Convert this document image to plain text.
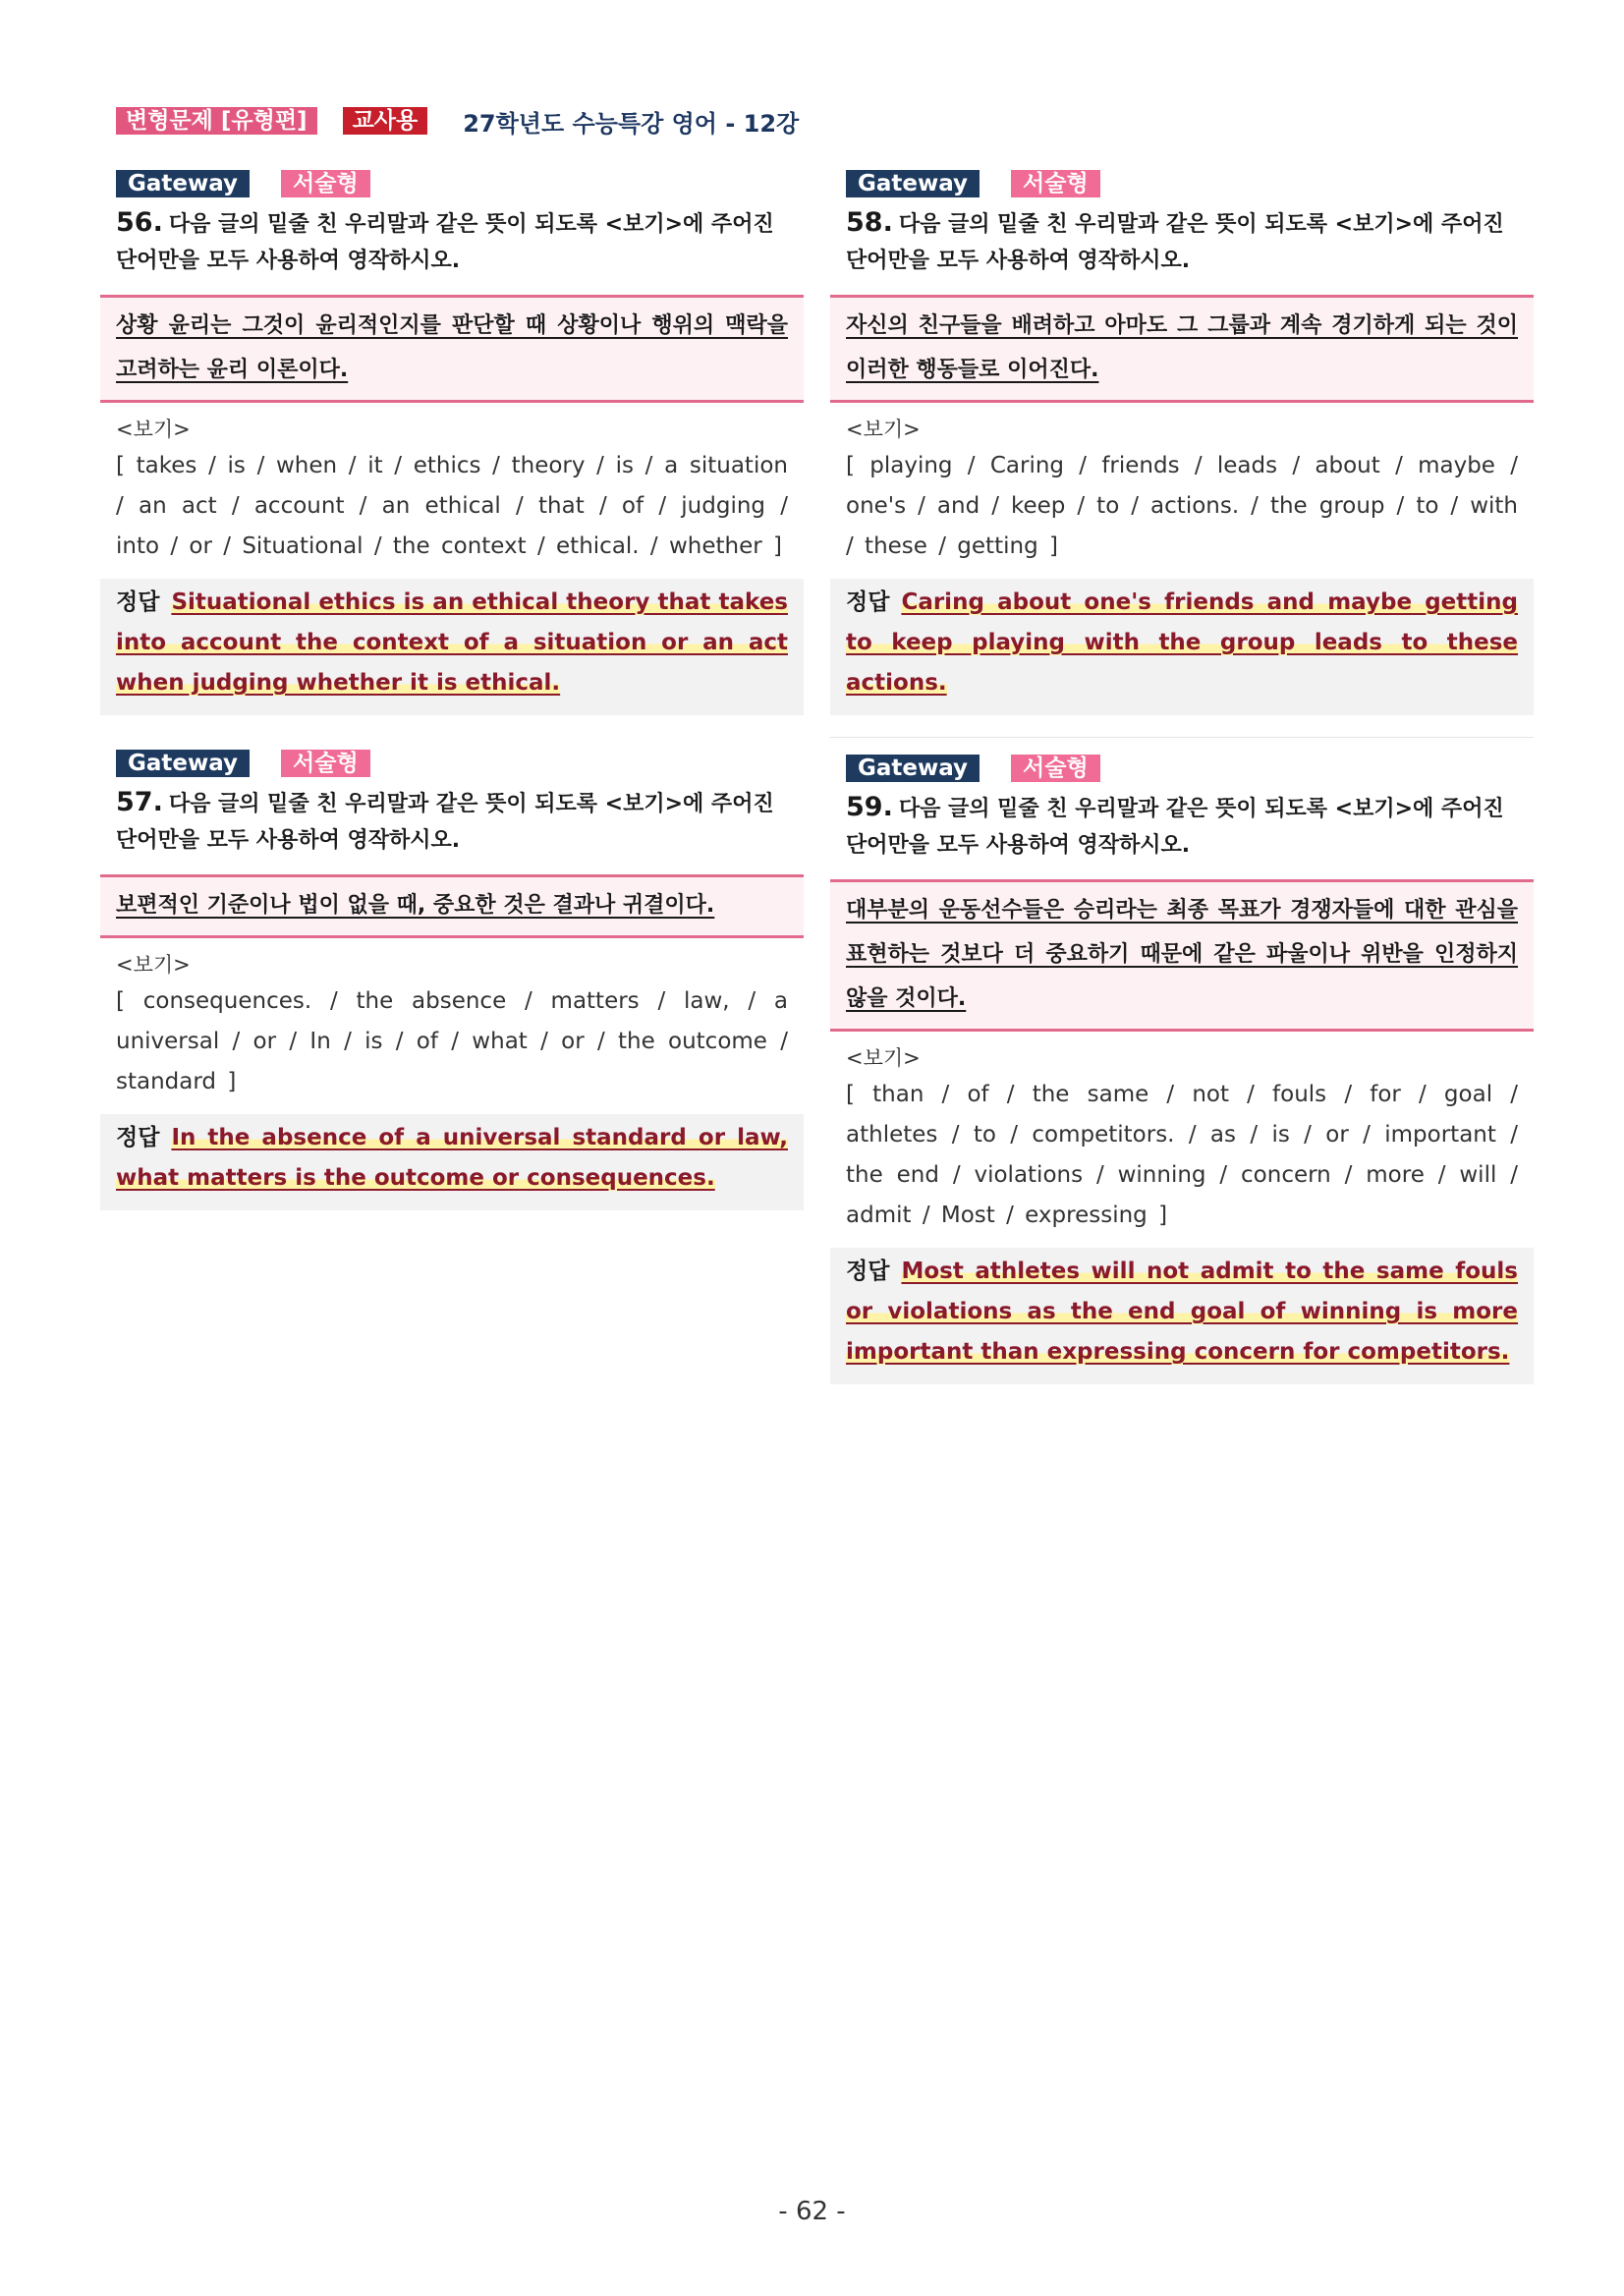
변형문제 [유형편]	교사용	27학년도 수능특강 영어 - 12강
Gateway	서술형
56. 다음 글의 밑줄 친 우리말과 같은 뜻이 되도록 <보기>에 주어진 단어만을 모두 사용하여 영작하시오.
상황 윤리는 그것이 윤리적인지를 판단할 때 상황이나 행위의 맥락을 고려하는 윤리 이론이다.
<보기>
[ takes / is / when / it / ethics / theory / is / a situation / an act / account / an ethical / that / of / judging / into / or / Situational / the context / ethical. / whether ]
정답 Situational ethics is an ethical theory that takes into account the context of a situation or an act when judging whether it is ethical.
Gateway	서술형
57. 다음 글의 밑줄 친 우리말과 같은 뜻이 되도록 <보기>에 주어진 단어만을 모두 사용하여 영작하시오.
보편적인 기준이나 법이 없을 때, 중요한 것은 결과나 귀결이다.
<보기>
[ consequences. / the absence / matters / law, / a universal / or / In / is / of / what / or / the outcome / standard ]
정답 In the absence of a universal standard or law, what matters is the outcome or consequences.
Gateway	서술형
58. 다음 글의 밑줄 친 우리말과 같은 뜻이 되도록 <보기>에 주어진 단어만을 모두 사용하여 영작하시오.
자신의 친구들을 배려하고 아마도 그 그룹과 계속 경기하게 되는 것이 이러한 행동들로 이어진다.
<보기>
[ playing / Caring / friends / leads / about / maybe / one's / and / keep / to / actions. / the group / to / with / these / getting ]
정답 Caring about one's friends and maybe getting to keep playing with the group leads to these actions.
Gateway	서술형
59. 다음 글의 밑줄 친 우리말과 같은 뜻이 되도록 <보기>에 주어진 단어만을 모두 사용하여 영작하시오.
대부분의 운동선수들은 승리라는 최종 목표가 경쟁자들에 대한 관심을 표현하는 것보다 더 중요하기 때문에 같은 파울이나 위반을 인정하지 않을 것이다.
<보기>
[ than / of / the same / not / fouls / for / goal / athletes / to / competitors. / as / is / or / important / the end / violations / winning / concern / more / will / admit / Most / expressing ]
정답 Most athletes will not admit to the same fouls or violations as the end goal of winning is more important than expressing concern for competitors.
- 62 -
